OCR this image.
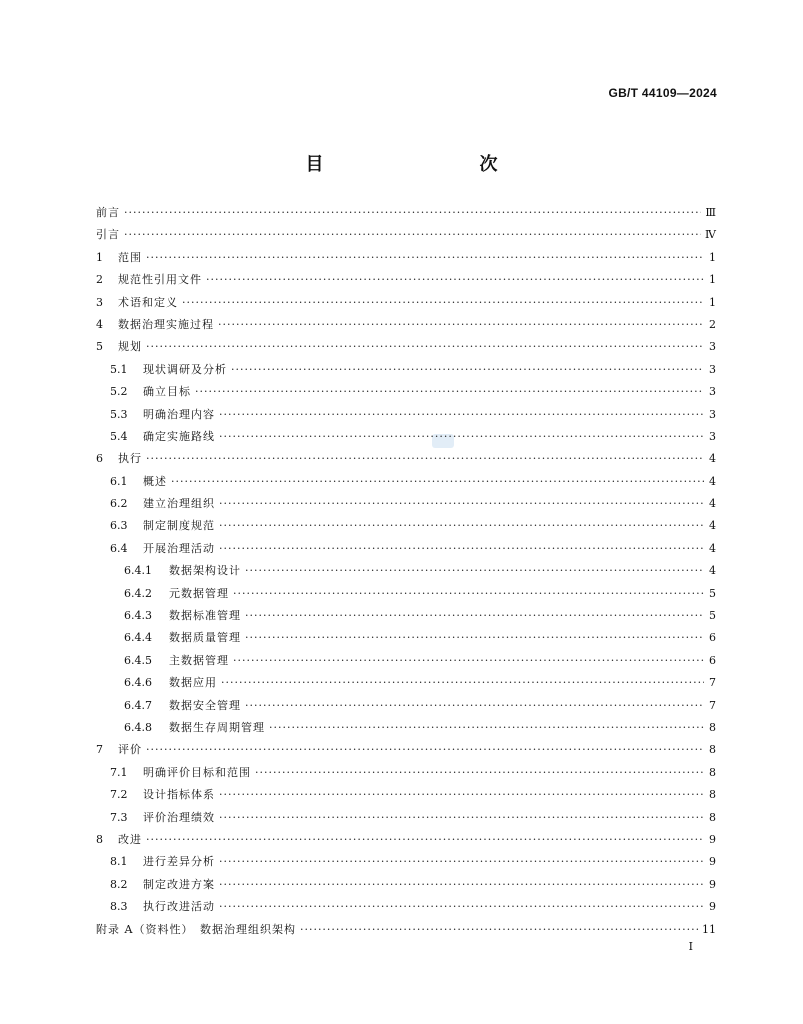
GB/T 44109—2024
目　　次
前言 ·····	Ⅲ
引言 ·····	Ⅳ
1	范围 ·····	1
2	规范性引用文件 ·····	1
3	术语和定义 ·····	1
4	数据治理实施过程 ·····	2
5	规划 ·····	3
5.1	现状调研及分析 ·····	3
5.2	确立目标 ·····	3
5.3	明确治理内容 ·····	3
5.4	确定实施路线 ·····	3
6	执行 ·····	4
6.1	概述 ·····	4
6.2	建立治理组织 ·····	4
6.3	制定制度规范 ·····	4
6.4	开展治理活动 ·····	4
6.4.1	数据架构设计 ·····	4
6.4.2	元数据管理 ·····	5
6.4.3	数据标准管理 ·····	5
6.4.4	数据质量管理 ·····	6
6.4.5	主数据管理 ·····	6
6.4.6	数据应用 ·····	7
6.4.7	数据安全管理 ·····	7
6.4.8	数据生存周期管理 ·····	8
7	评价 ·····	8
7.1	明确评价目标和范围 ·····	8
7.2	设计指标体系 ·····	8
7.3	评价治理绩效 ·····	8
8	改进 ·····	9
8.1	进行差异分析 ·····	9
8.2	制定改进方案 ·····	9
8.3	执行改进活动 ·····	9
附录 A（资料性）　数据治理组织架构 ·····	11
I
